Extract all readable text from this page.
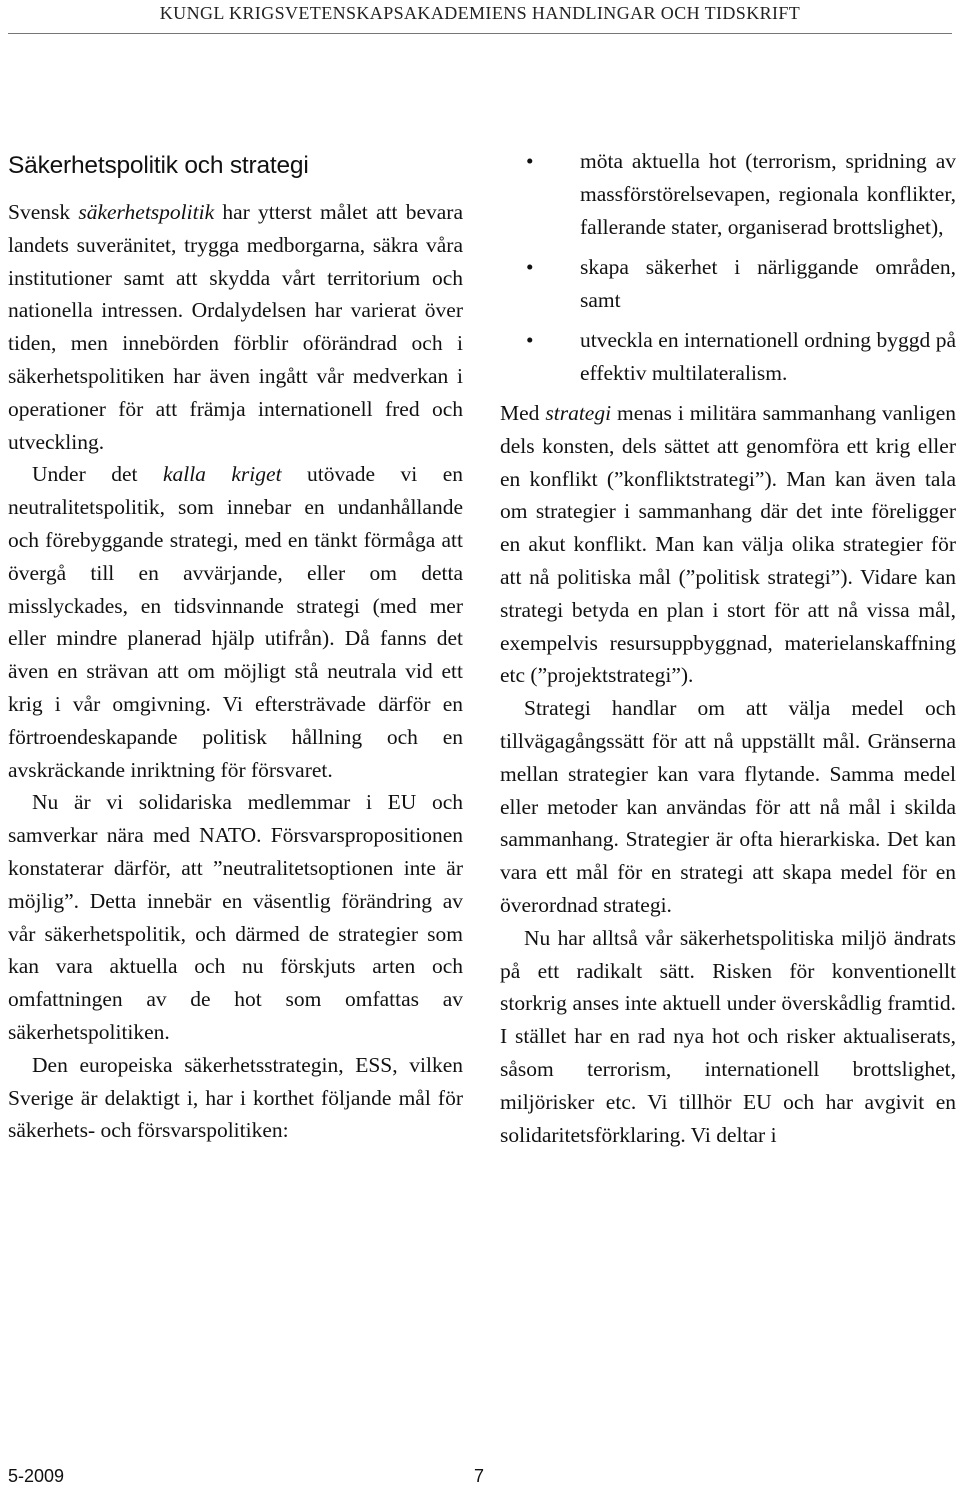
KUNGL KRIGSVETENSKAPSAKADEMIENS HANDLINGAR OCH TIDSKRIFT
Säkerhetspolitik och strategi

Svensk säkerhetspolitik har ytterst målet att bevara landets suveränitet, trygga medborgarna, säkra våra institutioner samt att skydda vårt territorium och nationella intressen. Ordalydelsen har varierat över tiden, men innebörden förblir oförändrad och i säkerhetspolitiken har även ingått vår medverkan i operationer för att främja internationell fred och utveckling.

Under det kalla kriget utövade vi en neutralitetspolitik, som innebar en undanhållande och förebyggande strategi, med en tänkt förmåga att övergå till en avvärjande, eller om detta misslyckades, en tidsvinnande strategi (med mer eller mindre planerad hjälp utifrån). Då fanns det även en strävan att om möjligt stå neutrala vid ett krig i vår omgivning. Vi eftersträvade därför en förtroendeskapande politisk hållning och en avskräckande inriktning för försvaret.

Nu är vi solidariska medlemmar i EU och samverkar nära med NATO. Försvarspropositionen konstaterar därför, att ”neutralitetsoptionen inte är möjlig”. Detta innebär en väsentlig förändring av vår säkerhetspolitik, och därmed de strategier som kan vara aktuella och nu förskjuts arten och omfattningen av de hot som omfattas av säkerhetspolitiken.

Den europeiska säkerhetsstrategin, ESS, vilken Sverige är delaktigt i, har i korthet följande mål för säkerhets- och försvarspolitiken:

• möta aktuella hot (terrorism, spridning av massförstörelsevapen, regionala konflikter, fallerande stater, organiserad brottslighet),
• skapa säkerhet i närliggande områden, samt
• utveckla en internationell ordning byggd på effektiv multilateralism.

Med strategi menas i militära sammanhang vanligen dels konsten, dels sättet att genomföra ett krig eller en konflikt (”konfliktstrategi”). Man kan även tala om strategier i sammanhang där det inte föreligger en akut konflikt. Man kan välja olika strategier för att nå politiska mål (”politisk strategi”). Vidare kan strategi betyda en plan i stort för att nå vissa mål, exempelvis resursuppbyggnad, materielanskaffning etc (”projektstrategi”).

Strategi handlar om att välja medel och tillvägagångssätt för att nå uppställt mål. Gränserna mellan strategier kan vara flytande. Samma medel eller metoder kan användas för att nå mål i skilda sammanhang. Strategier är ofta hierarkiska. Det kan vara ett mål för en strategi att skapa medel för en överordnad strategi.

Nu har alltså vår säkerhetspolitiska miljö ändrats på ett radikalt sätt. Risken för konventionellt storkrig anses inte aktuell under överskådlig framtid. I stället har en rad nya hot och risker aktualiserats, såsom terrorism, internationell brottslighet, miljörisker etc. Vi tillhör EU och har avgivit en solidaritetsförklaring. Vi deltar i

5-2009	7
